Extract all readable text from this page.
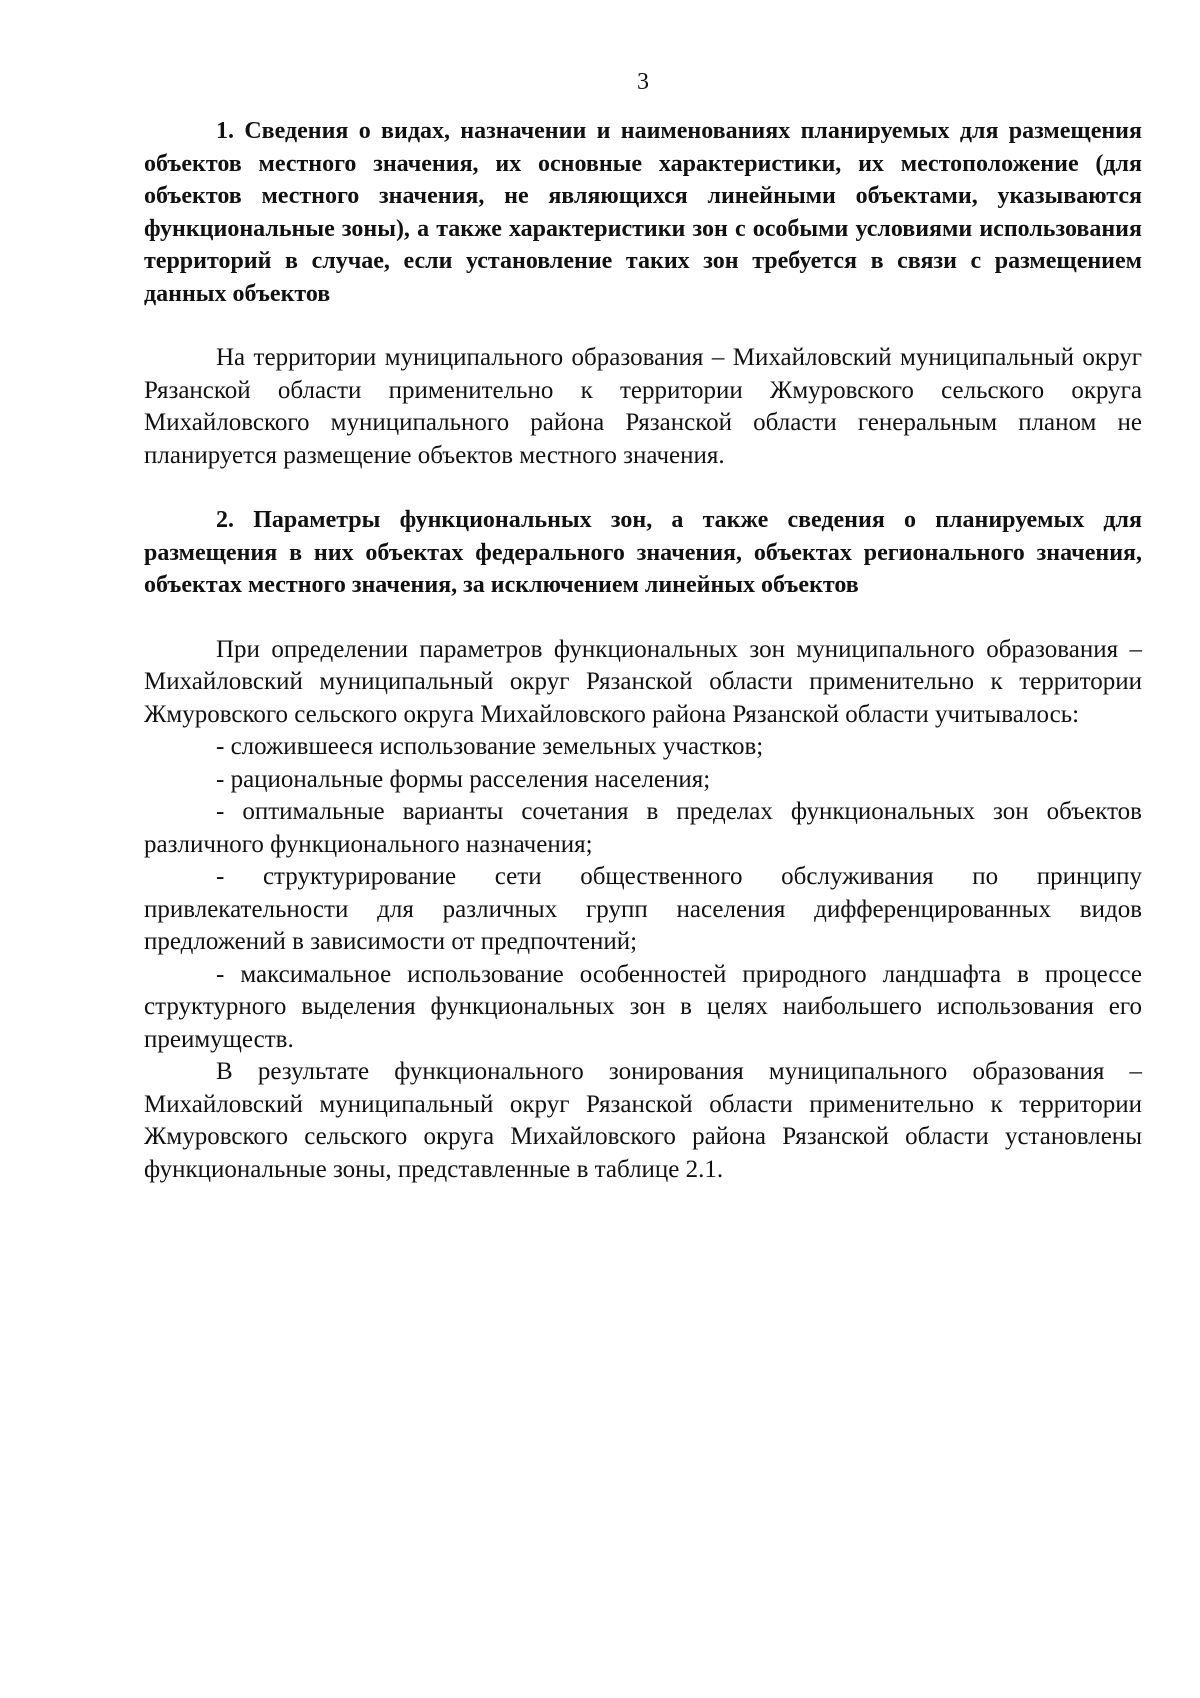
3

1. Сведения о видах, назначении и наименованиях планируемых для размещения объектов местного значения, их основные характеристики, их местоположение (для объектов местного значения, не являющихся линейными объектами, указываются функциональные зоны), а также характеристики зон с особыми условиями использования территорий в случае, если установление таких зон требуется в связи с размещением данных объектов

На территории муниципального образования – Михайловский муниципальный округ Рязанской области применительно к территории Жмуровского сельского округа Михайловского муниципального района Рязанской области генеральным планом не планируется размещение объектов местного значения.

2. Параметры функциональных зон, а также сведения о планируемых для размещения в них объектах федерального значения, объектах регионального значения, объектах местного значения, за исключением линейных объектов

При определении параметров функциональных зон муниципального образования – Михайловский муниципальный округ Рязанской области применительно к территории Жмуровского сельского округа Михайловского района Рязанской области учитывалось:

- сложившееся использование земельных участков;

- рациональные формы расселения населения;

- оптимальные варианты сочетания в пределах функциональных зон объектов различного функционального назначения;

- структурирование сети общественного обслуживания по принципу привлекательности для различных групп населения дифференцированных видов предложений в зависимости от предпочтений;

- максимальное использование особенностей природного ландшафта в процессе структурного выделения функциональных зон в целях наибольшего использования его преимуществ.

В результате функционального зонирования муниципального образования – Михайловский муниципальный округ Рязанской области применительно к территории Жмуровского сельского округа Михайловского района Рязанской области установлены функциональные зоны, представленные в таблице 2.1.
